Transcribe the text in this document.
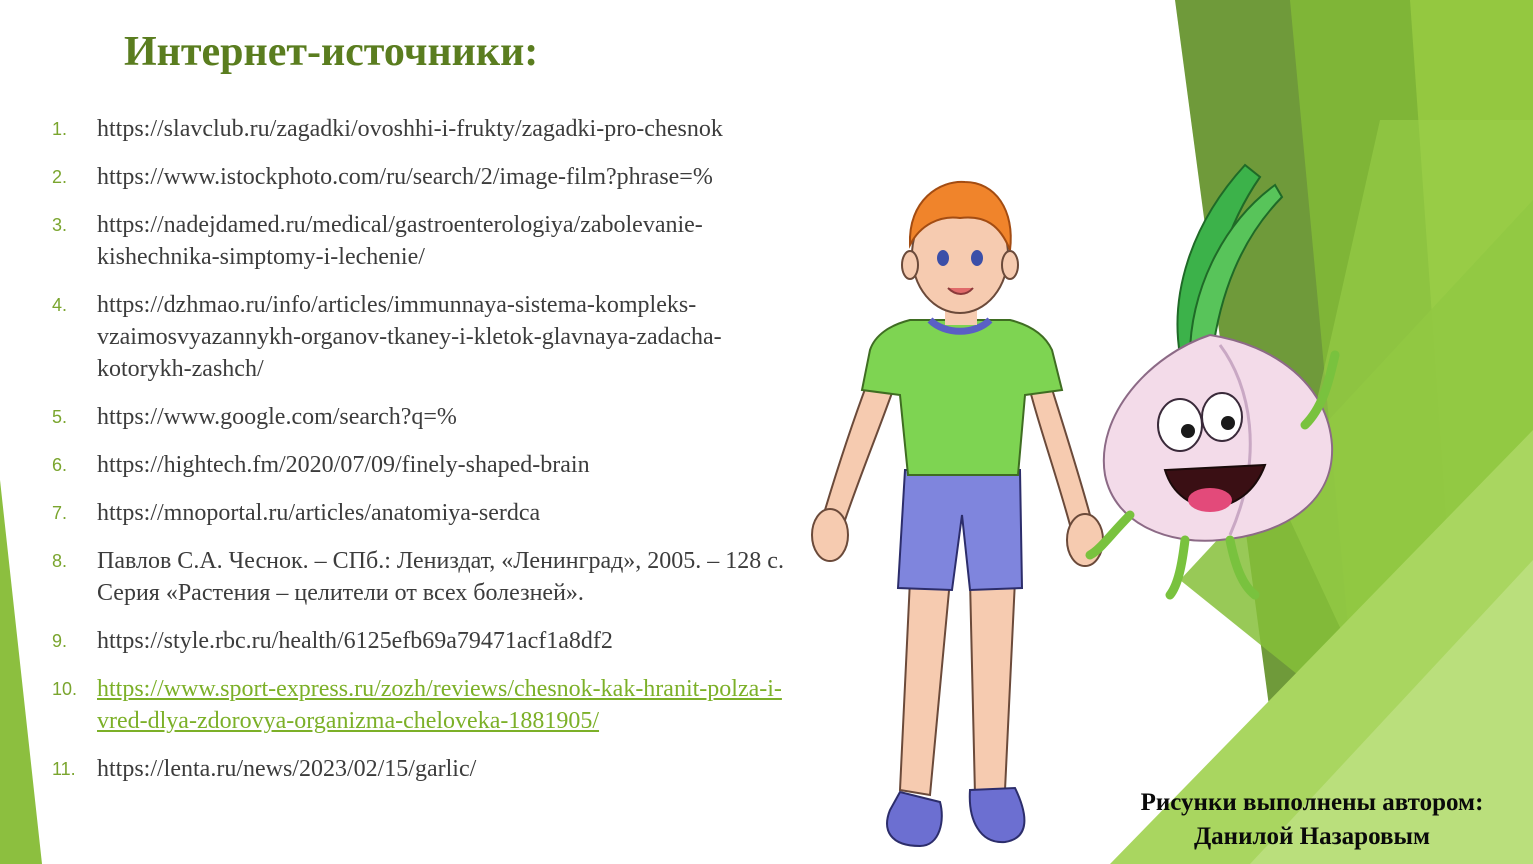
Интернет-источники:
1.	https://slavclub.ru/zagadki/ovoshhi-i-frukty/zagadki-pro-chesnok
2.	https://www.istockphoto.com/ru/search/2/image-film?phrase=%
3.	https://nadejdamed.ru/medical/gastroenterologiya/zabolevanie-kishechnika-simptomy-i-lechenie/
4.	https://dzhmao.ru/info/articles/immunnaya-sistema-kompleks-vzaimosvyazannykh-organov-tkaney-i-kletok-glavnaya-zadacha-kotorykh-zashch/
5.	https://www.google.com/search?q=%
6.	https://hightech.fm/2020/07/09/finely-shaped-brain
7.	https://mnoportal.ru/articles/anatomiya-serdca
8.	Павлов С.А. Чеснок. – СПб.: Лениздат, «Ленинград», 2005. – 128 с. Серия «Растения – целители от всех болезней».
9.	https://style.rbc.ru/health/6125efb69a79471acf1a8df2
10. https://www.sport-express.ru/zozh/reviews/chesnok-kak-hranit-polza-i-vred-dlya-zdorovya-organizma-cheloveka-1881905/
11. https://lenta.ru/news/2023/02/15/garlic/
Рисунки выполнены автором:
Данилой Назаровым
